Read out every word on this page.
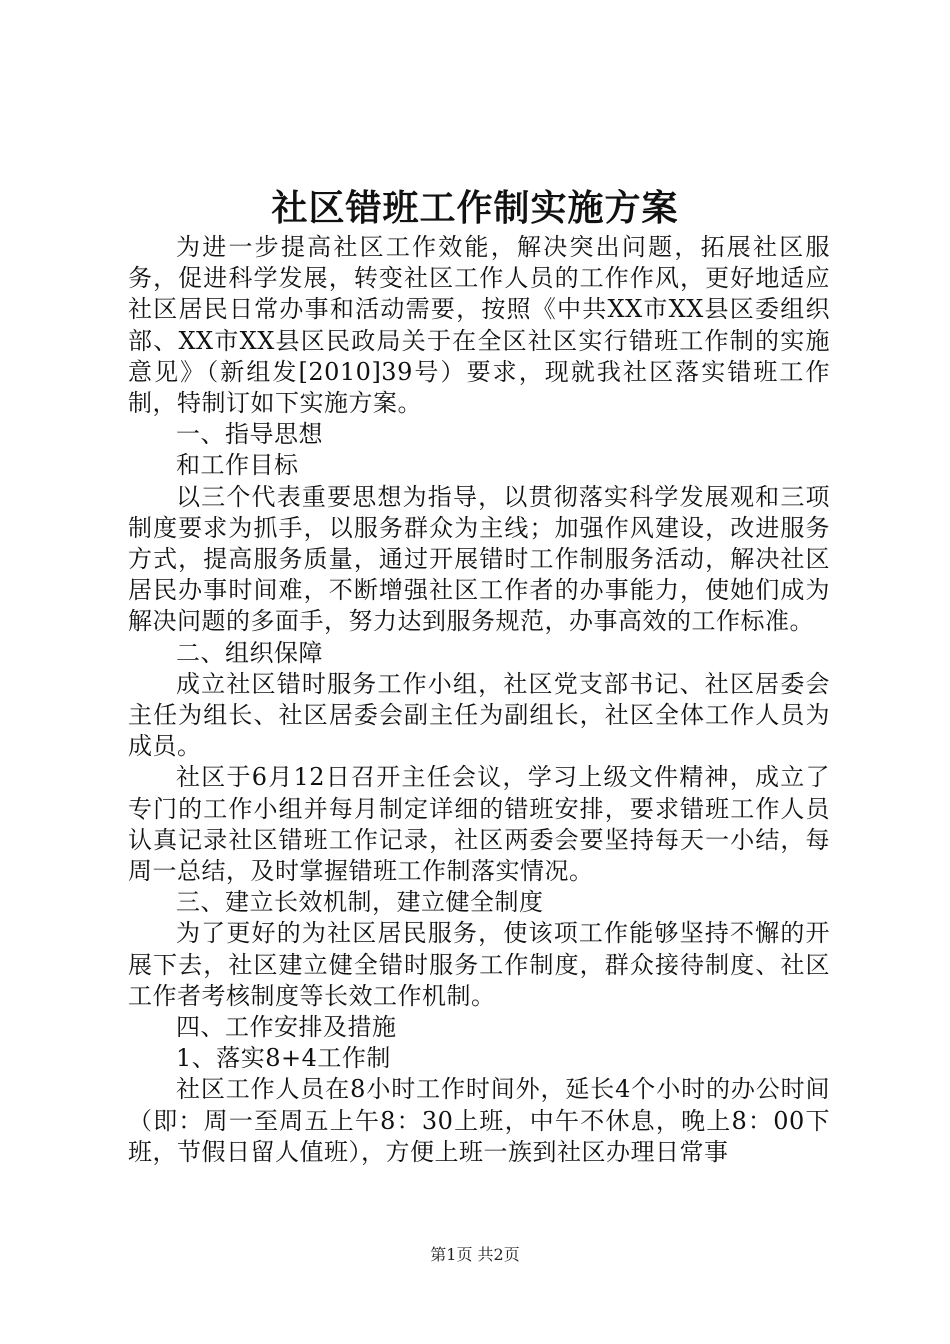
社区错班工作制实施方案

为进一步提高社区工作效能，解决突出问题，拓展社区服务，促进科学发展，转变社区工作人员的工作作风，更好地适应社区居民日常办事和活动需要，按照《中共XX市XX县区委组织部、XX市XX县区民政局关于在全区社区实行错班工作制的实施意见》（新组发[2010]39号）要求，现就我社区落实错班工作制，特制订如下实施方案。

一、指导思想

和工作目标

以三个代表重要思想为指导，以贯彻落实科学发展观和三项制度要求为抓手，以服务群众为主线；加强作风建设，改进服务方式，提高服务质量，通过开展错时工作制服务活动，解决社区居民办事时间难，不断增强社区工作者的办事能力，使她们成为解决问题的多面手，努力达到服务规范，办事高效的工作标准。

二、组织保障

成立社区错时服务工作小组，社区党支部书记、社区居委会主任为组长、社区居委会副主任为副组长，社区全体工作人员为成员。

社区于6月12日召开主任会议，学习上级文件精神，成立了专门的工作小组并每月制定详细的错班安排，要求错班工作人员认真记录社区错班工作记录，社区两委会要坚持每天一小结，每周一总结，及时掌握错班工作制落实情况。

三、建立长效机制，建立健全制度

为了更好的为社区居民服务，使该项工作能够坚持不懈的开展下去，社区建立健全错时服务工作制度，群众接待制度、社区工作者考核制度等长效工作机制。

四、工作安排及措施

1、落实8+4工作制

社区工作人员在8小时工作时间外，延长4个小时的办公时间（即：周一至周五上午8：30上班，中午不休息，晚上8：00下班，节假日留人值班），方便上班一族到社区办理日常事

第1页 共2页
